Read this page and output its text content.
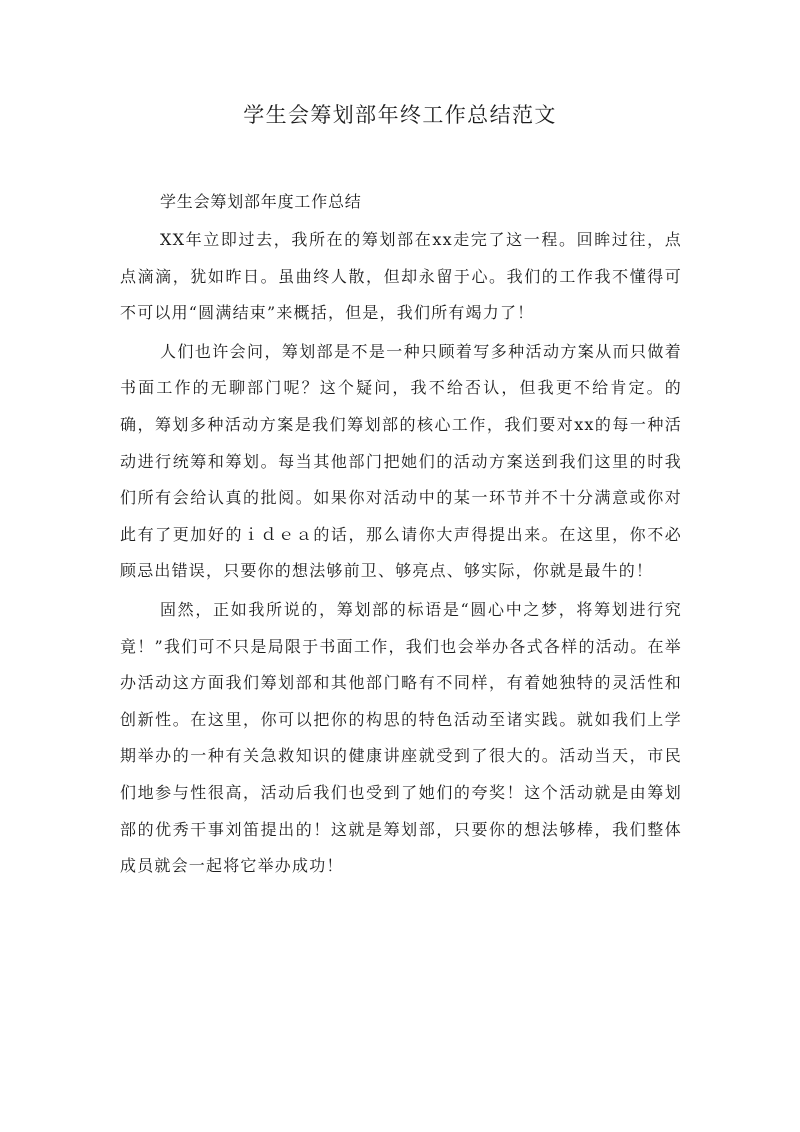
学生会筹划部年终工作总结范文

学生会筹划部年度工作总结

XX年立即过去，我所在的筹划部在xx走完了这一程。回眸过往，点点滴滴，犹如昨日。虽曲终人散，但却永留于心。我们的工作我不懂得可不可以用“圆满结束”来概括，但是，我们所有竭力了！

人们也许会问，筹划部是不是一种只顾着写多种活动方案从而只做着书面工作的无聊部门呢？这个疑问，我不给否认，但我更不给肯定。的确，筹划多种活动方案是我们筹划部的核心工作，我们要对xx的每一种活动进行统筹和筹划。每当其他部门把她们的活动方案送到我们这里的时我们所有会给认真的批阅。如果你对活动中的某一环节并不十分满意或你对此有了更加好的ｉｄｅａ的话，那么请你大声得提出来。在这里，你不必顾忌出错误，只要你的想法够前卫、够亮点、够实际，你就是最牛的！

固然，正如我所说的，筹划部的标语是“圆心中之梦，将筹划进行究竟！”我们可不只是局限于书面工作，我们也会举办各式各样的活动。在举办活动这方面我们筹划部和其他部门略有不同样，有着她独特的灵活性和创新性。在这里，你可以把你的构思的特色活动至诸实践。就如我们上学期举办的一种有关急救知识的健康讲座就受到了很大的。活动当天，市民们地参与性很高，活动后我们也受到了她们的夸奖！这个活动就是由筹划部的优秀干事刘笛提出的！这就是筹划部，只要你的想法够棒，我们整体成员就会一起将它举办成功！
